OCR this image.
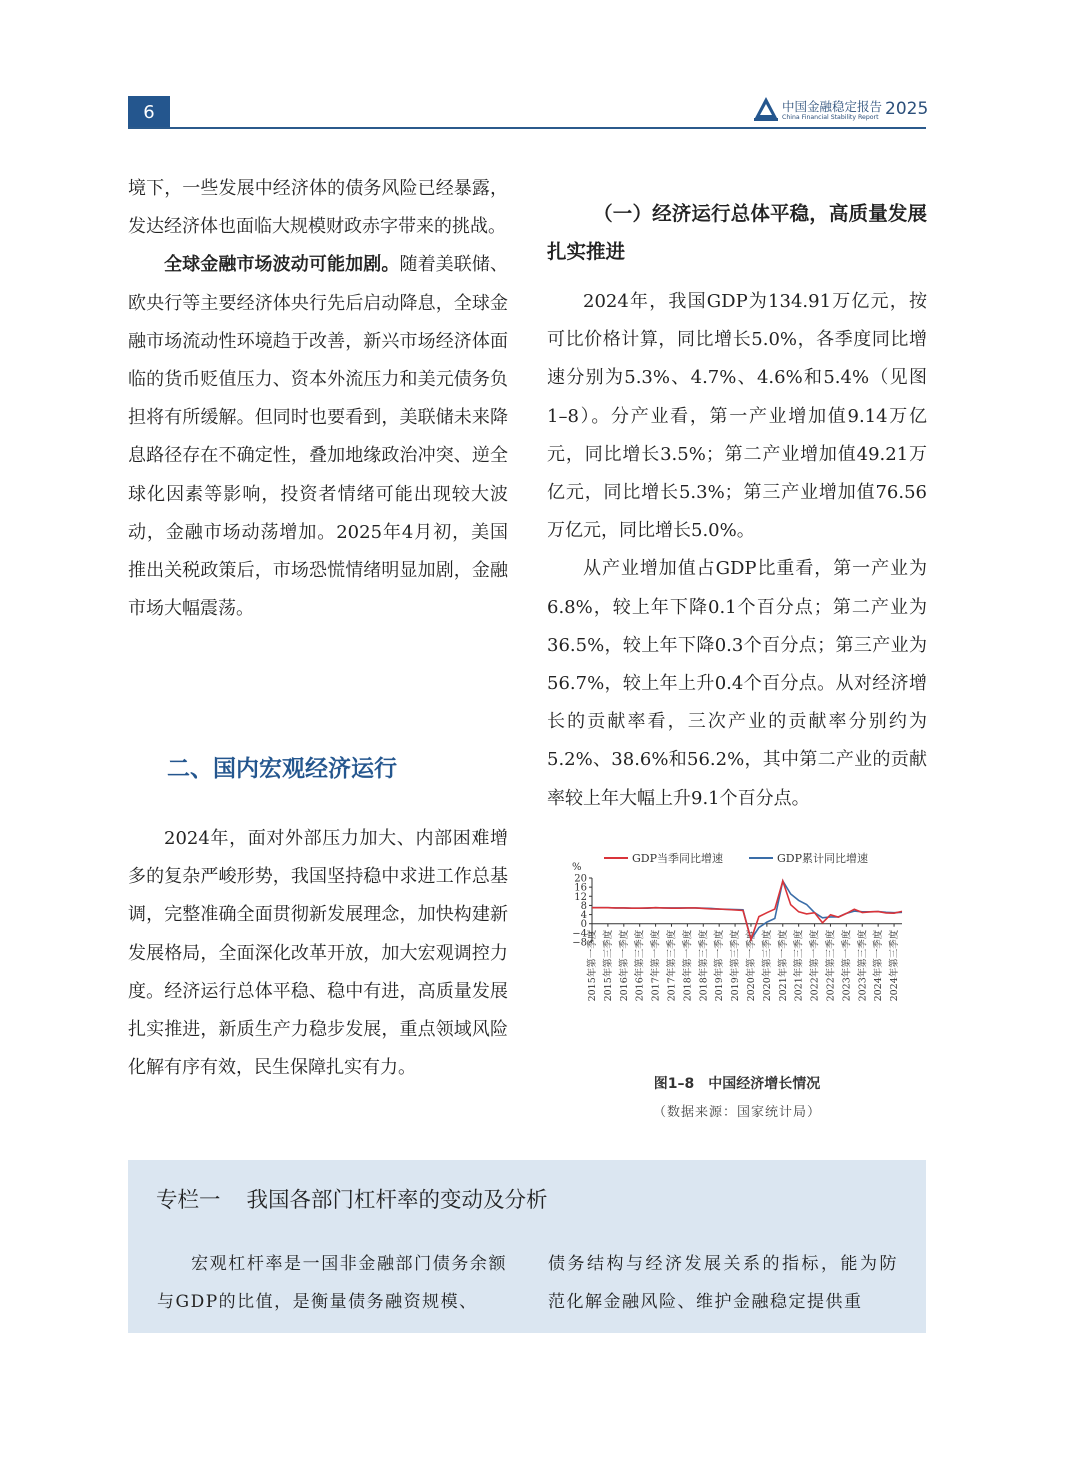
6	中国金融稳定报告
China Financial Stability Report 2025

境下，一些发展中经济体的债务风险已经暴露，发达经济体也面临大规模财政赤字带来的挑战。

全球金融市场波动可能加剧。随着美联储、欧央行等主要经济体央行先后启动降息，全球金融市场流动性环境趋于改善，新兴市场经济体面临的货币贬值压力、资本外流压力和美元债务负担将有所缓解。但同时也要看到，美联储未来降息路径存在不确定性，叠加地缘政治冲突、逆全球化因素等影响，投资者情绪可能出现较大波动，金融市场动荡增加。2025年4月初，美国推出关税政策后，市场恐慌情绪明显加剧，金融市场大幅震荡。

二、国内宏观经济运行

2024年，面对外部压力加大、内部困难增多的复杂严峻形势，我国坚持稳中求进工作总基调，完整准确全面贯彻新发展理念，加快构建新发展格局，全面深化改革开放，加大宏观调控力度。经济运行总体平稳、稳中有进，高质量发展扎实推进，新质生产力稳步发展，重点领域风险化解有序有效，民生保障扎实有力。

（一）经济运行总体平稳，高质量发展扎实推进

2024年，我国GDP为134.91万亿元，按可比价格计算，同比增长5.0%，各季度同比增速分别为5.3%、4.7%、4.6%和5.4%（见图1–8）。分产业看，第一产业增加值9.14万亿元，同比增长3.5%；第二产业增加值49.21万亿元，同比增长5.3%；第三产业增加值76.56万亿元，同比增长5.0%。

从产业增加值占GDP比重看，第一产业为6.8%，较上年下降0.1个百分点；第二产业为36.5%，较上年下降0.3个百分点；第三产业为56.7%，较上年上升0.4个百分点。从对经济增长的贡献率看，三次产业的贡献率分别约为5.2%、38.6%和56.2%，其中第二产业的贡献率较上年大幅上升9.1个百分点。

%
GDP当季同比增速	GDP累计同比增速
20
16
12
8
4
0
−4
−8 2015年第一季度 2015年第三季度 2016年第一季度 2016年第三季度 2017年第一季度 2017年第三季度 2018年第一季度 2018年第三季度 2019年第一季度 2019年第三季度 2020年第一季度 2020年第三季度 2021年第一季度 2021年第三季度 2022年第一季度 2022年第三季度 2023年第一季度 2023年第三季度 2024年第一季度 2024年第三季度
图1–8　中国经济增长情况
（数据来源：国家统计局）
专栏一 我国各部门杠杆率的变动及分析
宏观杠杆率是一国非金融部门债务余额与GDP的比值，是衡量债务融资规模、
债务结构与经济发展关系的指标，能为防范化解金融风险、维护金融稳定提供重
